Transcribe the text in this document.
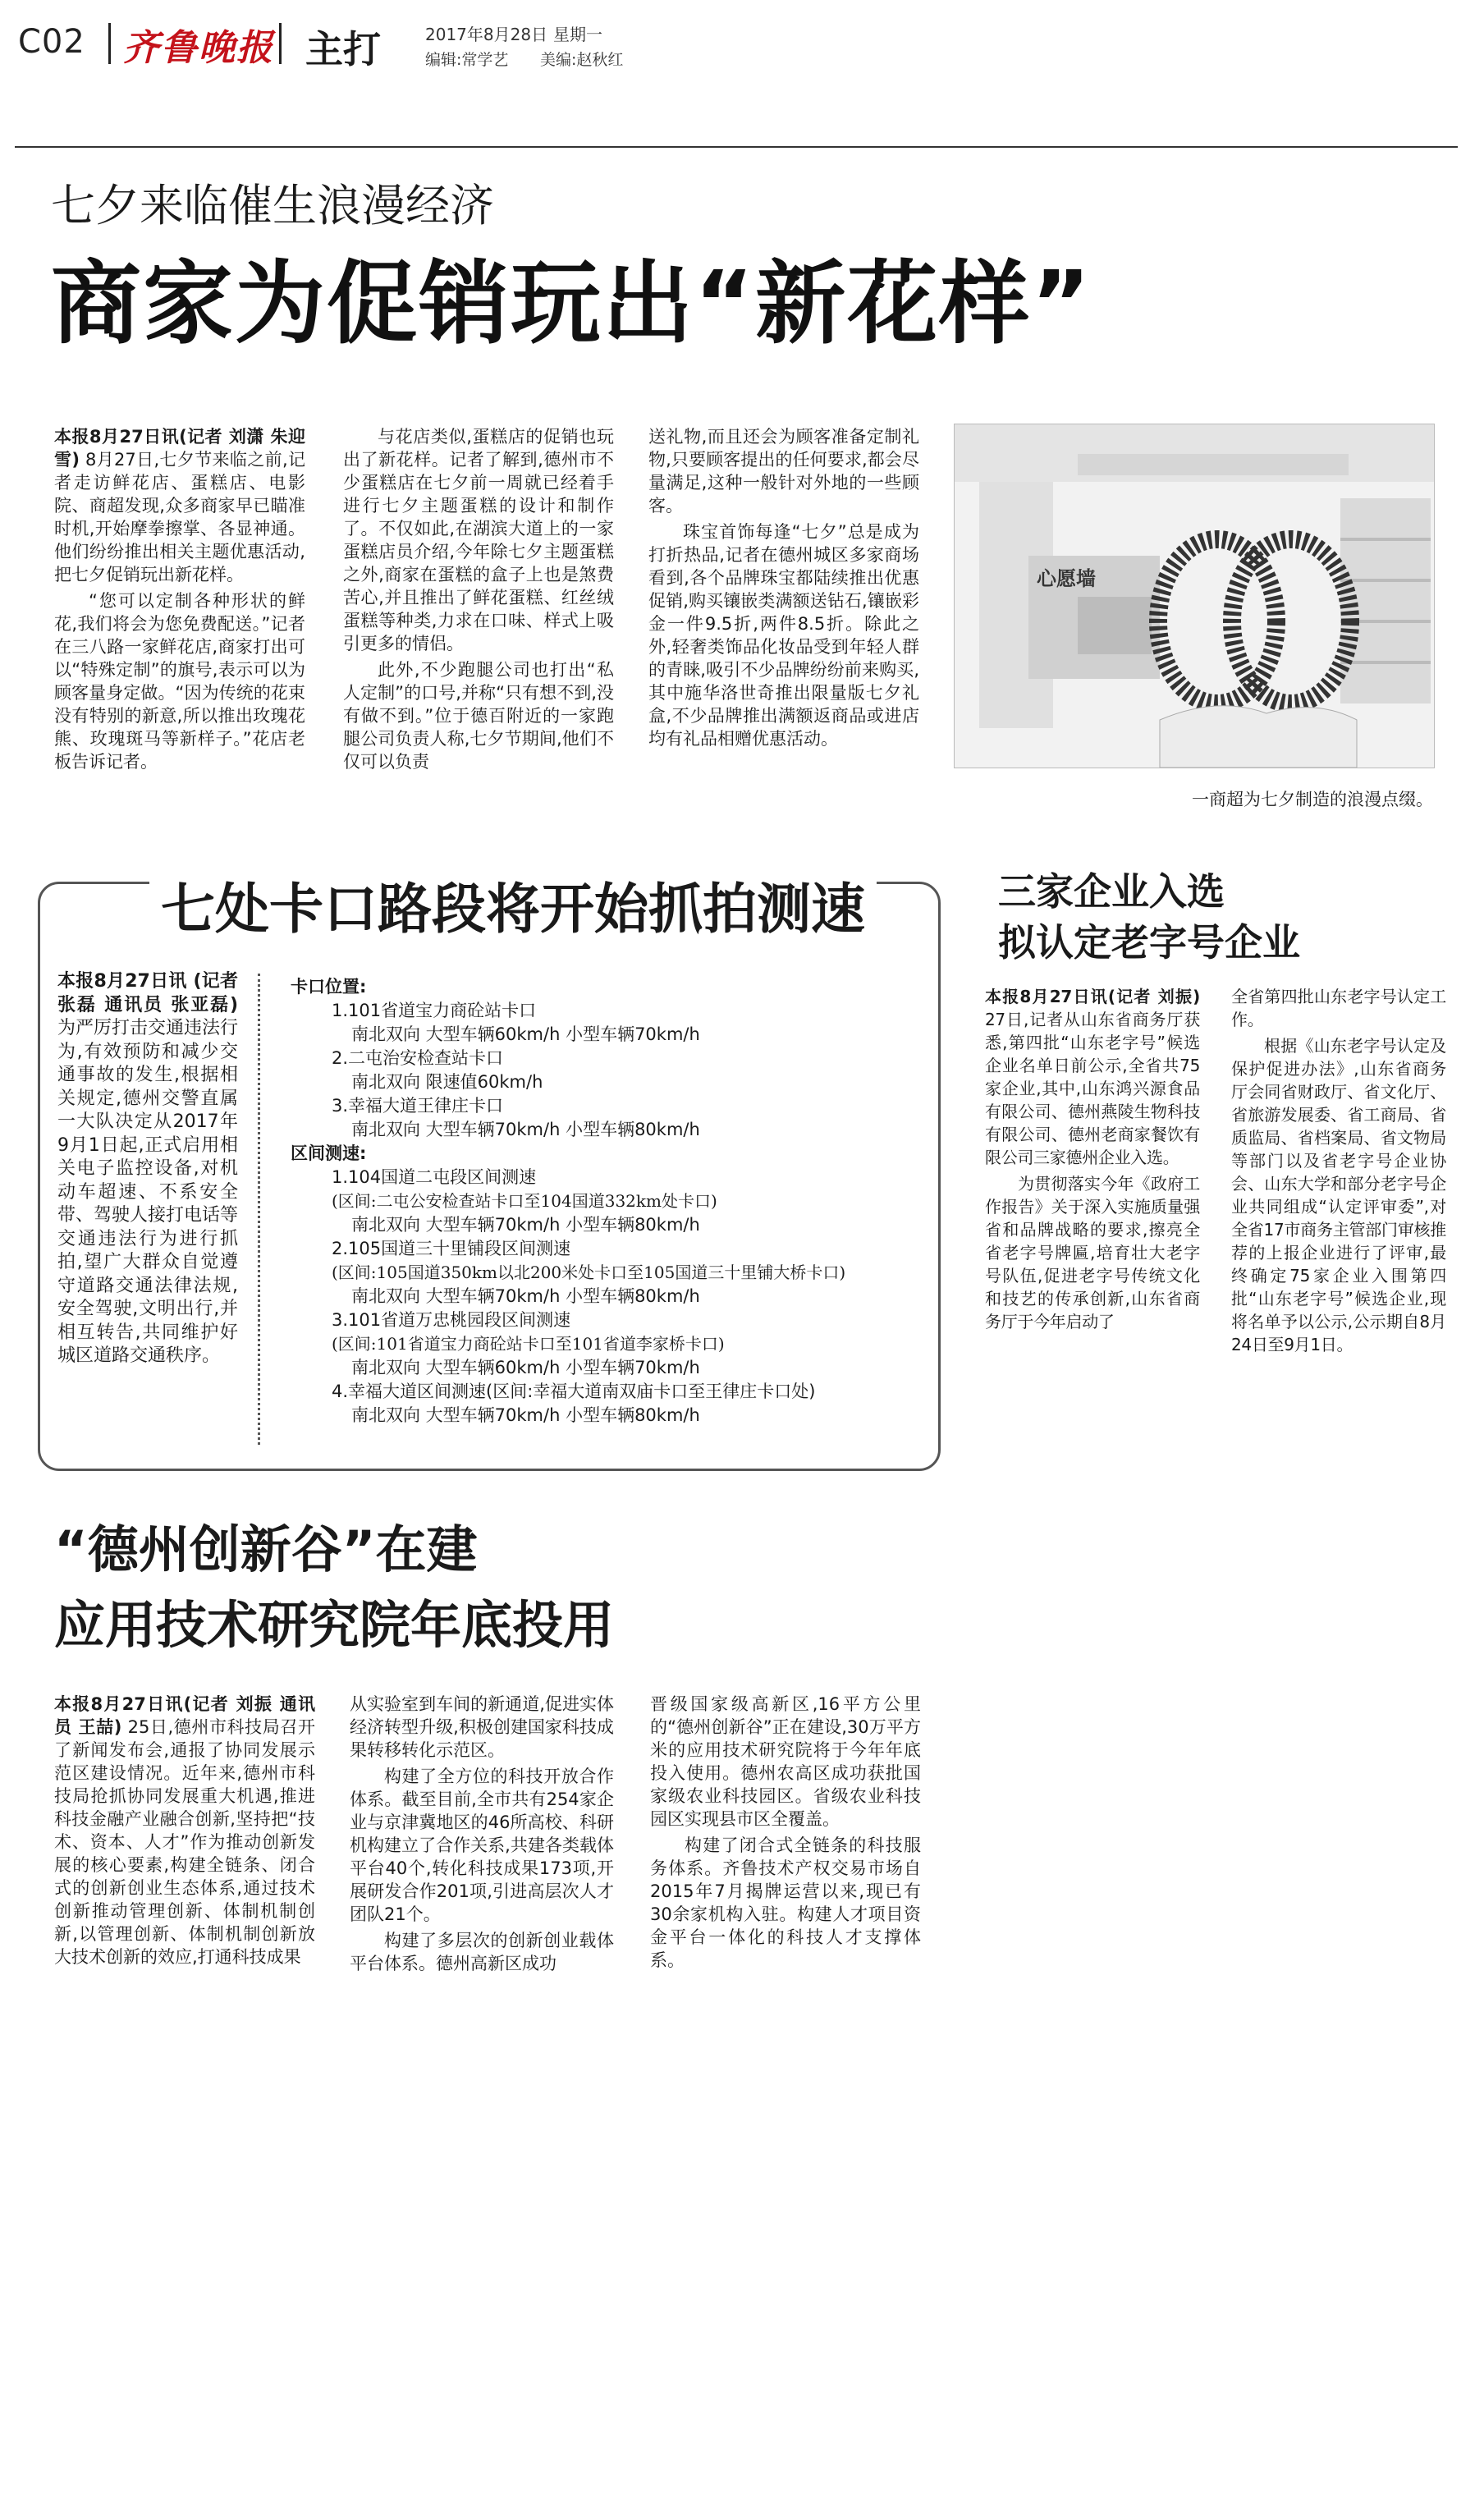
C02 齐鲁晚报 主打	2017年8月28日 星期一
编辑:常学艺 美编:赵秋红
七夕来临催生浪漫经济
商家为促销玩出“新花样”

本报8月27日讯(记者 刘潇 朱迎雪) 8月27日,七夕节来临之前,记者走访鲜花店、蛋糕店、电影院、商超发现,众多商家早已瞄准时机,开始摩拳擦掌、各显神通。他们纷纷推出相关主题优惠活动,把七夕促销玩出新花样。

“您可以定制各种形状的鲜花,我们将会为您免费配送。”记者在三八路一家鲜花店,商家打出可以“特殊定制”的旗号,表示可以为顾客量身定做。“因为传统的花束没有特别的新意,所以推出玫瑰花熊、玫瑰斑马等新样子。”花店老板告诉记者。

与花店类似,蛋糕店的促销也玩出了新花样。记者了解到,德州市不少蛋糕店在七夕前一周就已经着手进行七夕主题蛋糕的设计和制作了。不仅如此,在湖滨大道上的一家蛋糕店员介绍,今年除七夕主题蛋糕之外,商家在蛋糕的盒子上也是煞费苦心,并且推出了鲜花蛋糕、红丝绒蛋糕等种类,力求在口味、样式上吸引更多的情侣。

此外,不少跑腿公司也打出“私人定制”的口号,并称“只有想不到,没有做不到。”位于德百附近的一家跑腿公司负责人称,七夕节期间,他们不仅可以负责

送礼物,而且还会为顾客准备定制礼物,只要顾客提出的任何要求,都会尽量满足,这种一般针对外地的一些顾客。

珠宝首饰每逢“七夕”总是成为打折热品,记者在德州城区多家商场看到,各个品牌珠宝都陆续推出优惠促销,购买镶嵌类满额送钻石,镶嵌彩金一件9.5折,两件8.5折。除此之外,轻奢类饰品化妆品受到年轻人群的青睐,吸引不少品牌纷纷前来购买,其中施华洛世奇推出限量版七夕礼盒,不少品牌推出满额返商品或进店均有礼品相赠优惠活动。

心愿墙
一商超为七夕制造的浪漫点缀。
七处卡口路段将开始抓拍测速

本报8月27日讯 (记者 张磊 通讯员 张亚磊) 为严厉打击交通违法行为,有效预防和减少交通事故的发生,根据相关规定,德州交警直属一大队决定从2017年9月1日起,正式启用相关电子监控设备,对机动车超速、不系安全带、驾驶人接打电话等交通违法行为进行抓拍,望广大群众自觉遵守道路交通法律法规,安全驾驶,文明出行,并相互转告,共同维护好城区道路交通秩序。

卡口位置:

1.101省道宝力商砼站卡口

南北双向 大型车辆60km/h 小型车辆70km/h

2.二屯治安检查站卡口

南北双向 限速值60km/h

3.幸福大道王律庄卡口

南北双向 大型车辆70km/h 小型车辆80km/h

区间测速:

1.104国道二屯段区间测速

(区间:二屯公安检查站卡口至104国道332km处卡口)

南北双向 大型车辆70km/h 小型车辆80km/h

2.105国道三十里铺段区间测速

(区间:105国道350km以北200米处卡口至105国道三十里铺大桥卡口)

南北双向 大型车辆70km/h 小型车辆80km/h

3.101省道万忠桃园段区间测速

(区间:101省道宝力商砼站卡口至101省道李家桥卡口)

南北双向 大型车辆60km/h 小型车辆70km/h

4.幸福大道区间测速(区间:幸福大道南双庙卡口至王律庄卡口处)

南北双向 大型车辆70km/h 小型车辆80km/h

三家企业入选
拟认定老字号企业

本报8月27日讯(记者 刘振) 27日,记者从山东省商务厅获悉,第四批“山东老字号”候选企业名单日前公示,全省共75家企业,其中,山东鸿兴源食品有限公司、德州燕陵生物科技有限公司、德州老商家餐饮有限公司三家德州企业入选。

为贯彻落实今年《政府工作报告》关于深入实施质量强省和品牌战略的要求,擦亮全省老字号牌匾,培育壮大老字号队伍,促进老字号传统文化和技艺的传承创新,山东省商务厅于今年启动了

全省第四批山东老字号认定工作。

根据《山东老字号认定及保护促进办法》,山东省商务厅会同省财政厅、省文化厅、省旅游发展委、省工商局、省质监局、省档案局、省文物局等部门以及省老字号企业协会、山东大学和部分老字号企业共同组成“认定评审委”,对全省17市商务主管部门审核推荐的上报企业进行了评审,最终确定75家企业入围第四批“山东老字号”候选企业,现将名单予以公示,公示期自8月24日至9月1日。

“德州创新谷”在建
应用技术研究院年底投用

本报8月27日讯(记者 刘振 通讯员 王喆) 25日,德州市科技局召开了新闻发布会,通报了协同发展示范区建设情况。近年来,德州市科技局抢抓协同发展重大机遇,推进科技金融产业融合创新,坚持把“技术、资本、人才”作为推动创新发展的核心要素,构建全链条、闭合式的创新创业生态体系,通过技术创新推动管理创新、体制机制创新,以管理创新、体制机制创新放大技术创新的效应,打通科技成果

从实验室到车间的新通道,促进实体经济转型升级,积极创建国家科技成果转移转化示范区。

构建了全方位的科技开放合作体系。截至目前,全市共有254家企业与京津冀地区的46所高校、科研机构建立了合作关系,共建各类载体平台40个,转化科技成果173项,开展研发合作201项,引进高层次人才团队21个。

构建了多层次的创新创业载体平台体系。德州高新区成功

晋级国家级高新区,16平方公里的“德州创新谷”正在建设,30万平方米的应用技术研究院将于今年年底投入使用。德州农高区成功获批国家级农业科技园区。省级农业科技园区实现县市区全覆盖。

构建了闭合式全链条的科技服务体系。齐鲁技术产权交易市场自2015年7月揭牌运营以来,现已有30余家机构入驻。构建人才项目资金平台一体化的科技人才支撑体系。
